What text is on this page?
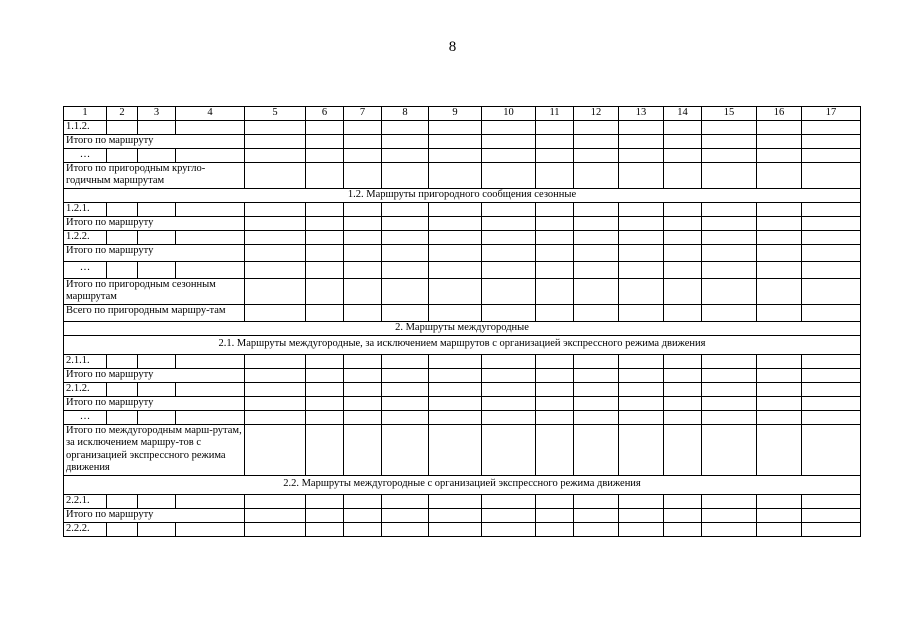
8
1	2	3	4	5	6	7	8	9	10	11	12	13	14	15	16	17
1.1.2.																
Итого по маршруту																
…																
Итого по пригородным кругло-годичным маршрутам																
1.2. Маршруты пригородного сообщения сезонные																
1.2.1.																
Итого по маршруту																
1.2.2.																
Итого по маршруту																
…																
Итого по пригородным сезонным маршрутам																
Всего по пригородным маршру-там																
2. Маршруты междугородные																
2.1. Маршруты междугородные, за исключением маршрутов с организацией экспрессного режима движения																
2.1.1.																
Итого по маршруту																
2.1.2.																
Итого по маршруту																
…																
Итого по междугородным марш-рутам, за исключением маршру-тов с организацией экспресcного режима движения																
2.2. Маршруты междугородные с организацией экспрессного режима движения																
2.2.1.																
Итого по маршруту																
2.2.2.																
